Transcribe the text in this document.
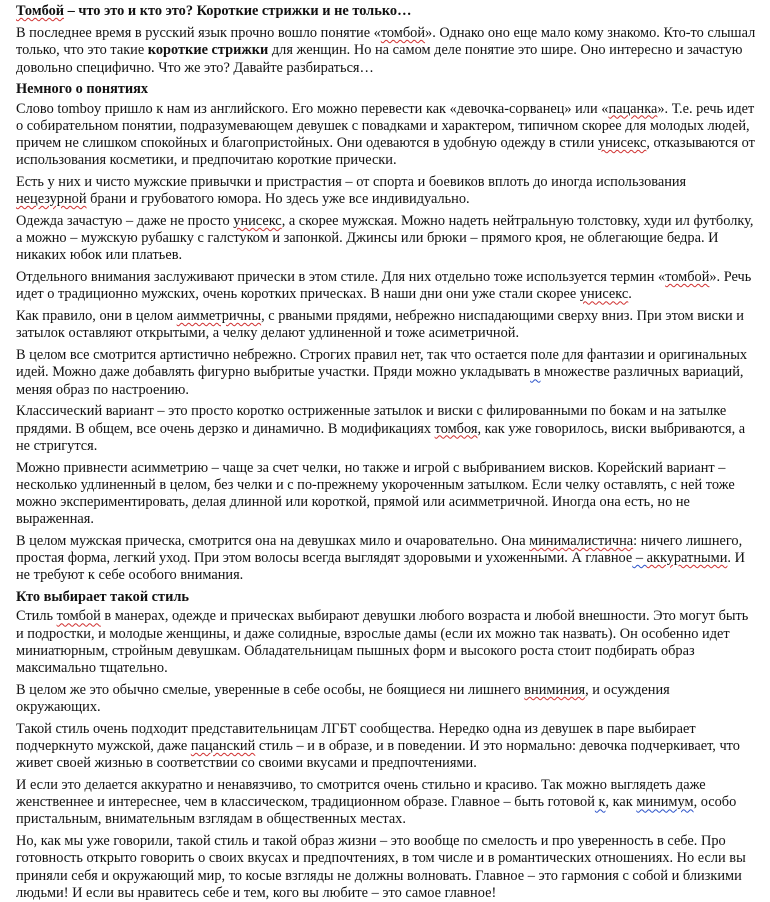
Томбой – что это и кто это? Короткие стрижки и не только…

В последнее время в русский язык прочно вошло понятие «томбой». Однако оно еще мало кому знакомо. Кто-то слышал только, что это такие короткие стрижки для женщин. Но на самом деле понятие это шире. Оно интересно и зачастую довольно специфично. Что же это? Давайте разбираться…

Немного о понятиях

Слово tomboy пришло к нам из английского. Его можно перевести как «девочка-сорванец» или «пацанка». Т.е. речь идет о собирательном понятии, подразумевающем девушек с повадками и характером, типичном скорее для молодых людей, причем не слишком спокойных и благопристойных. Они одеваются в удобную одежду в стили унисекс, отказываются от использования косметики, и предпочитаю короткие прически.

Есть у них и чисто мужские привычки и пристрастия – от спорта и боевиков вплоть до иногда использования нецезурной брани и грубоватого юмора. Но здесь уже все индивидуально.

Одежда зачастую – даже не просто унисекс, а скорее мужская. Можно надеть нейтральную толстовку, худи ил футболку, а можно – мужскую рубашку с галстуком и запонкой. Джинсы или брюки – прямого кроя, не облегающие бедра. И никаких юбок или платьев.

Отдельного внимания заслуживают прически в этом стиле. Для них отдельно тоже используется термин «томбой». Речь идет о традиционно мужских, очень коротких прическах. В наши дни они уже стали скорее унисекс.

Как правило, они в целом аимметричны, с рваными прядями, небрежно ниспадающими сверху вниз. При этом виски и затылок оставляют открытыми, а челку делают удлиненной и тоже асиметричной.

В целом все смотрится артистично небрежно. Строгих правил нет, так что остается поле для фантазии и оригинальных идей. Можно даже добавлять фигурно выбритые участки. Пряди можно укладывать в множестве различных вариаций, меняя образ по настроению.

Классический вариант – это просто коротко остриженные затылок и виски с филированными по бокам и на затылке прядями. В общем, все очень дерзко и динамично. В модификациях томбоя, как уже говорилось, виски выбриваются, а не стригутся.

Можно привнести асимметрию – чаще за счет челки, но также и игрой с выбриванием висков. Корейский вариант – несколько удлиненный в целом, без челки и с по-прежнему укороченным затылком. Если челку оставлять, с ней тоже можно экспериментировать, делая длинной или короткой, прямой или асимметричной. Иногда она есть, но не выраженная.

В целом мужская прическа, смотрится она на девушках мило и очаровательно. Она минималистична: ничего лишнего, простая форма, легкий уход. При этом волосы всегда выглядят здоровыми и ухоженными. А главное – аккуратными. И не требуют к себе особого внимания.

Кто выбирает такой стиль

Стиль томбой в манерах, одежде и прическах выбирают девушки любого возраста и любой внешности. Это могут быть и подростки, и молодые женщины, и даже солидные, взрослые дамы (если их можно так назвать). Он особенно идет миниатюрным, стройным девушкам. Обладательницам пышных форм и высокого роста стоит подбирать образ максимально тщательно.

В целом же это обычно смелые, уверенные в себе особы, не боящиеся ни лишнего вниминия, и осуждения окружающих.

Такой стиль очень подходит представительницам ЛГБТ сообщества. Нередко одна из девушек в паре выбирает подчеркнуто мужской, даже пацанский стиль – и в образе, и в поведении. И это нормально: девочка подчеркивает, что живет своей жизнью в соответствии со своими вкусами и предпочтениями.

И если это делается аккуратно и ненавязчиво, то смотрится очень стильно и красиво. Так можно выглядеть даже женственнее и интереснее, чем в классическом, традиционном образе. Главное – быть готовой к, как минимум, особо пристальным, внимательным взглядам в общественных местах.

Но, как мы уже говорили, такой стиль и такой образ жизни – это вообще по смелость и про уверенность в себе. Про готовность открыто говорить о своих вкусах и предпочтениях, в том числе и в романтических отношениях. Но если вы приняли себя и окружающий мир, то косые взгляды не должны волновать. Главное – это гармония с собой и близкими людьми! И если вы нравитесь себе и тем, кого вы любите – это самое главное!
